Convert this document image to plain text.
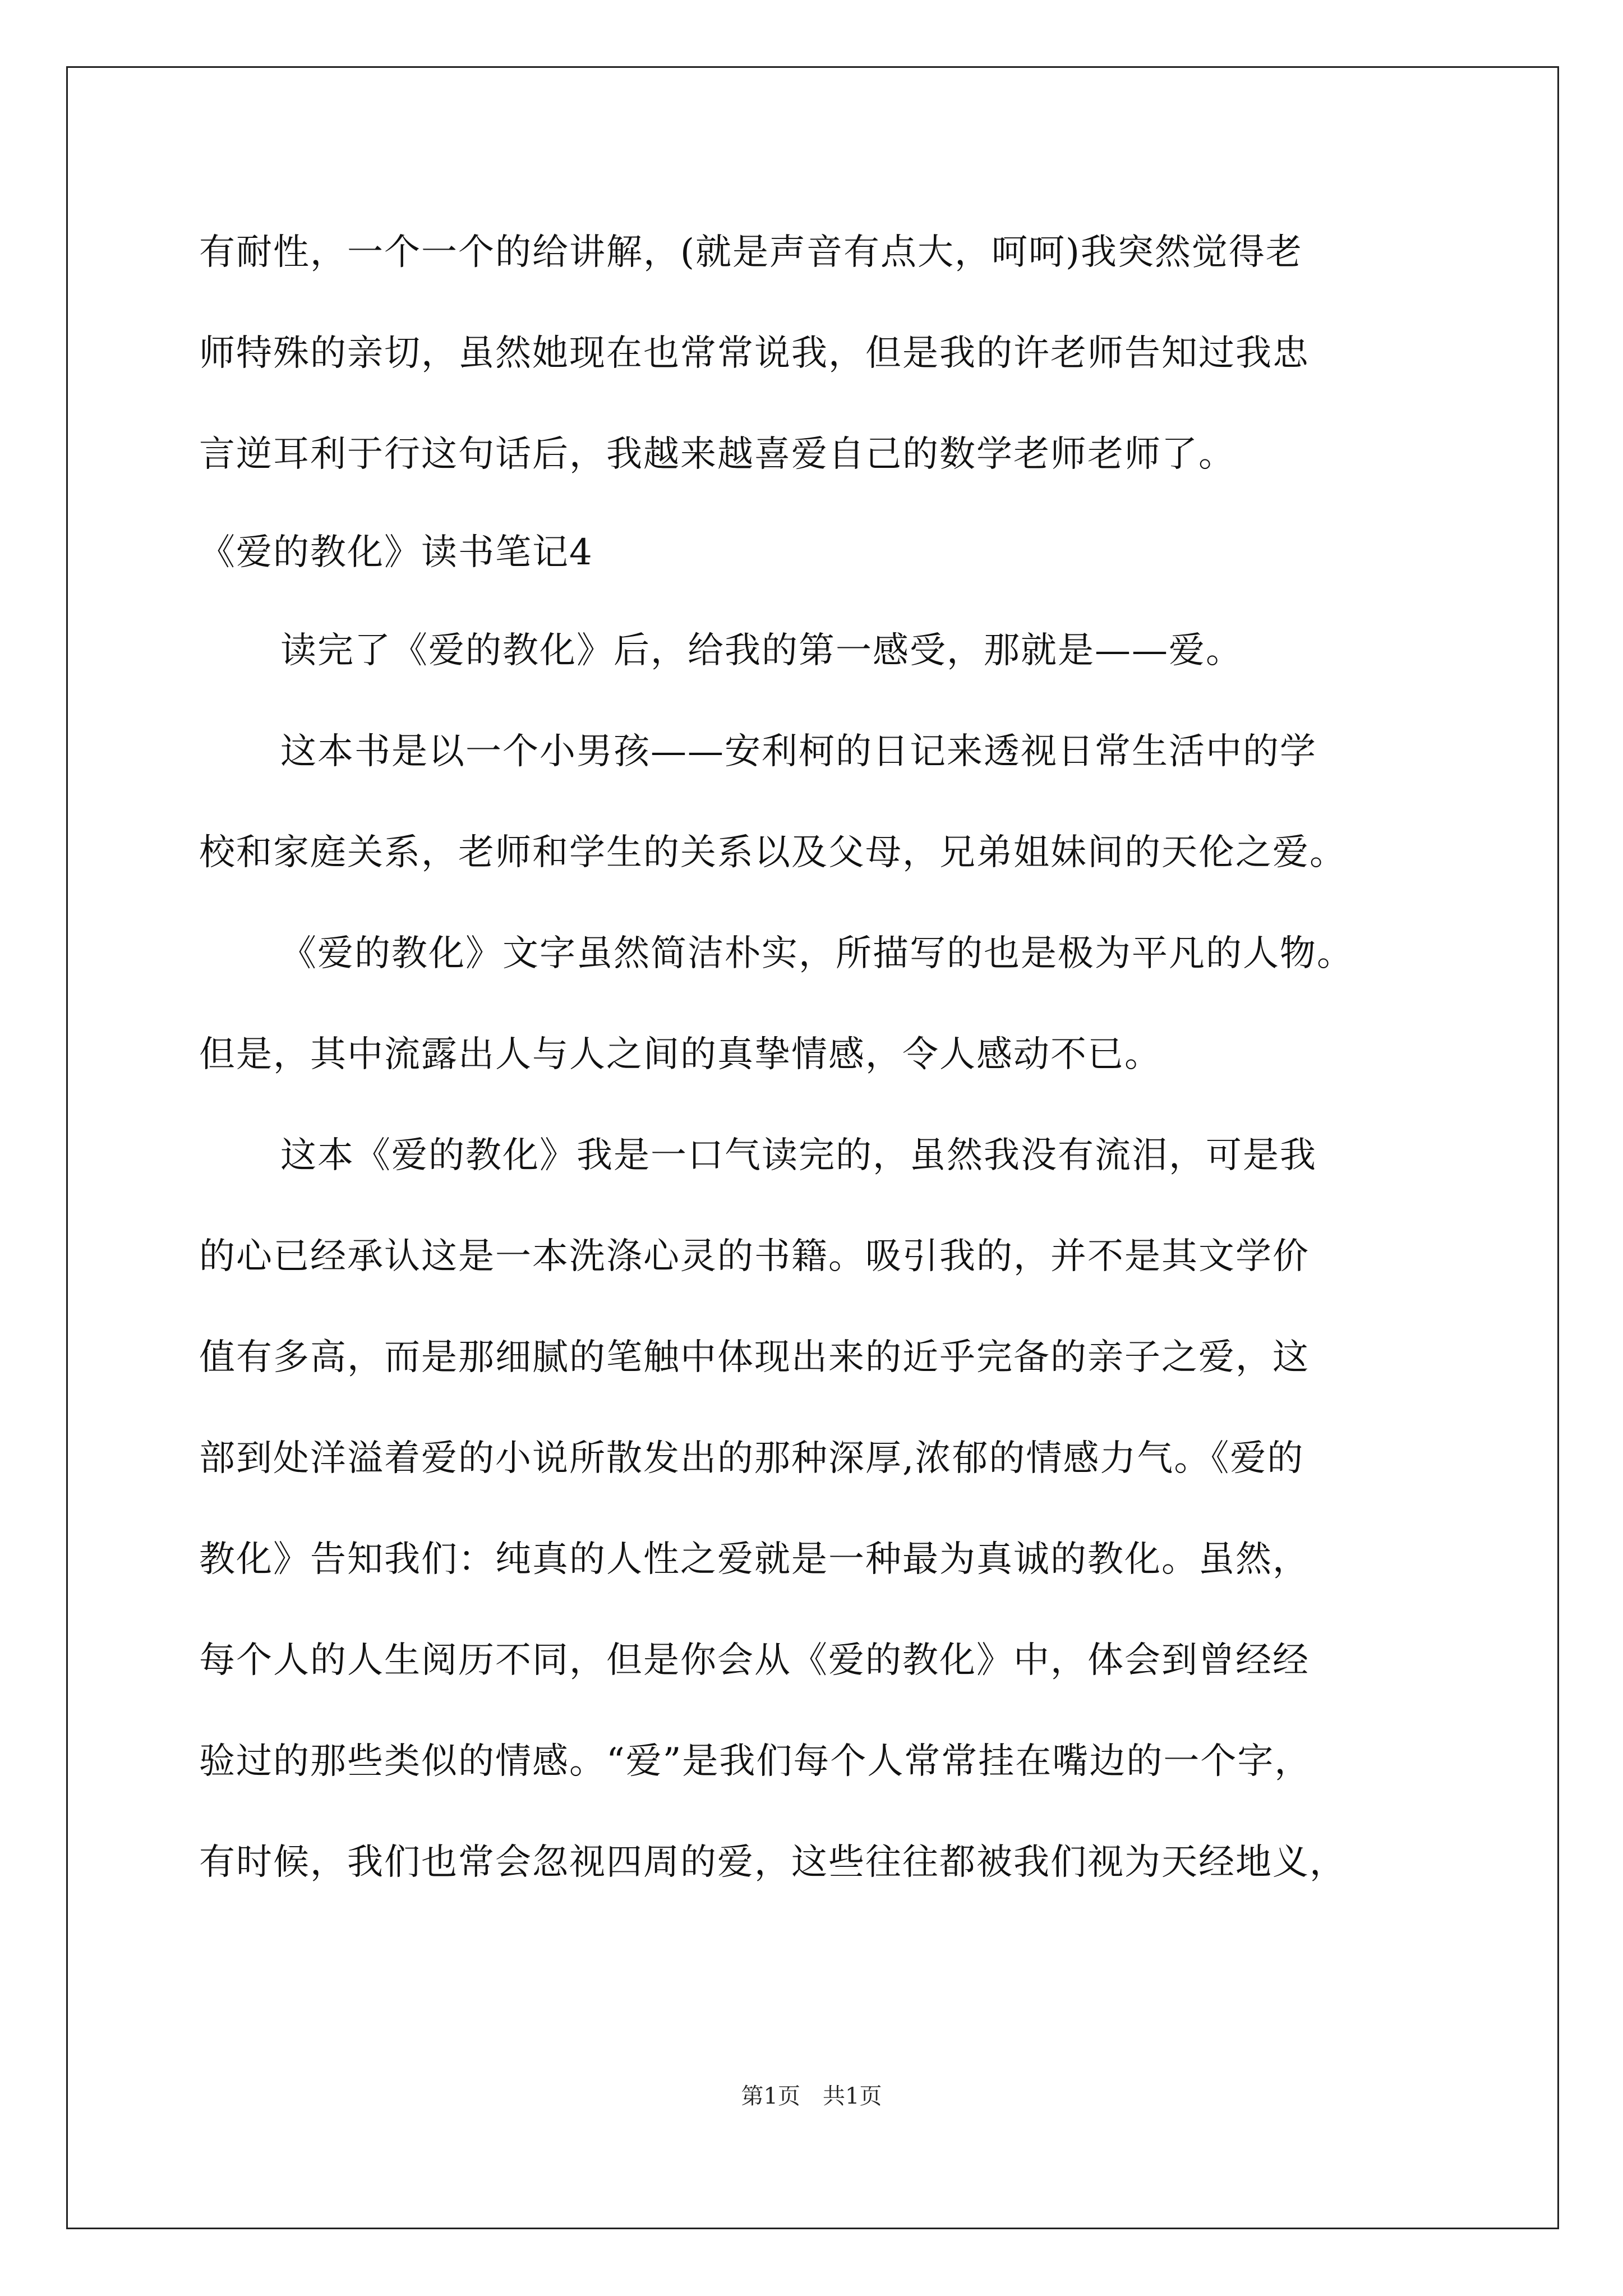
有耐性，一个一个的给讲解，(就是声音有点大，呵呵)我突然觉得老
师特殊的亲切，虽然她现在也常常说我，但是我的许老师告知过我忠
言逆耳利于行这句话后，我越来越喜爱自己的数学老师老师了。
《爱的教化》读书笔记4
读完了《爱的教化》后，给我的第一感受，那就是——爱。
这本书是以一个小男孩——安利柯的日记来透视日常生活中的学
校和家庭关系，老师和学生的关系以及父母，兄弟姐妹间的天伦之爱。
《爱的教化》文字虽然简洁朴实，所描写的也是极为平凡的人物。
但是，其中流露出人与人之间的真挚情感，令人感动不已。
这本《爱的教化》我是一口气读完的，虽然我没有流泪，可是我
的心已经承认这是一本洗涤心灵的书籍。吸引我的，并不是其文学价
值有多高，而是那细腻的笔触中体现出来的近乎完备的亲子之爱，这
部到处洋溢着爱的小说所散发出的那种深厚,浓郁的情感力气。《爱的
教化》告知我们：纯真的人性之爱就是一种最为真诚的教化。虽然，
每个人的人生阅历不同，但是你会从《爱的教化》中，体会到曾经经
验过的那些类似的情感。“爱”是我们每个人常常挂在嘴边的一个字，
有时候，我们也常会忽视四周的爱，这些往往都被我们视为天经地义，
第1页　共1页
